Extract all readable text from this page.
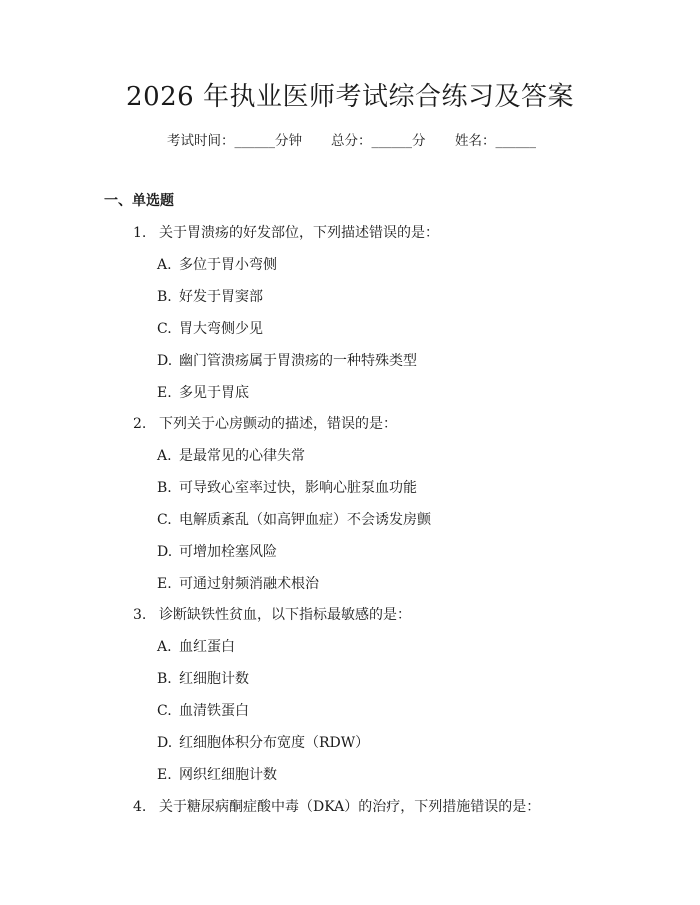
2026 年执业医师考试综合练习及答案
考试时间：______分钟 总分：______分 姓名：______
一、单选题
1. 关于胃溃疡的好发部位，下列描述错误的是：
A. 多位于胃小弯侧
B. 好发于胃窦部
C. 胃大弯侧少见
D. 幽门管溃疡属于胃溃疡的一种特殊类型
E. 多见于胃底
2. 下列关于心房颤动的描述，错误的是：
A. 是最常见的心律失常
B. 可导致心室率过快，影响心脏泵血功能
C. 电解质紊乱（如高钾血症）不会诱发房颤
D. 可增加栓塞风险
E. 可通过射频消融术根治
3. 诊断缺铁性贫血，以下指标最敏感的是：
A. 血红蛋白
B. 红细胞计数
C. 血清铁蛋白
D. 红细胞体积分布宽度（RDW）
E. 网织红细胞计数
4. 关于糖尿病酮症酸中毒（DKA）的治疗，下列措施错误的是：
